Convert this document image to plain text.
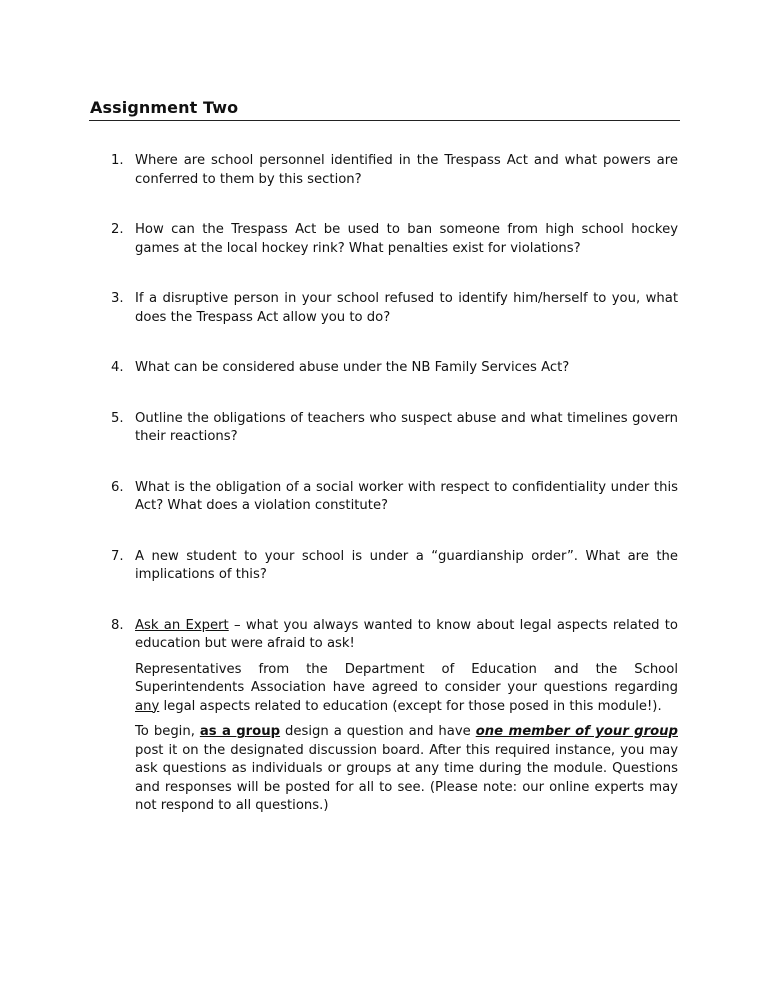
Assignment Two
1. Where are school personnel identified in the Trespass Act and what powers are conferred to them by this section?
2. How can the Trespass Act be used to ban someone from high school hockey games at the local hockey rink? What penalties exist for violations?
3. If a disruptive person in your school refused to identify him/herself to you, what does the Trespass Act allow you to do?
4. What can be considered abuse under the NB Family Services Act?
5. Outline the obligations of teachers who suspect abuse and what timelines govern their reactions?
6. What is the obligation of a social worker with respect to confidentiality under this Act? What does a violation constitute?
7. A new student to your school is under a “guardianship order”. What are the implications of this?
8. Ask an Expert – what you always wanted to know about legal aspects related to education but were afraid to ask!
Representatives from the Department of Education and the School Superintendents Association have agreed to consider your questions regarding any legal aspects related to education (except for those posed in this module!).
To begin, as a group design a question and have one member of your group post it on the designated discussion board. After this required instance, you may ask questions as individuals or groups at any time during the module. Questions and responses will be posted for all to see. (Please note: our online experts may not respond to all questions.)
